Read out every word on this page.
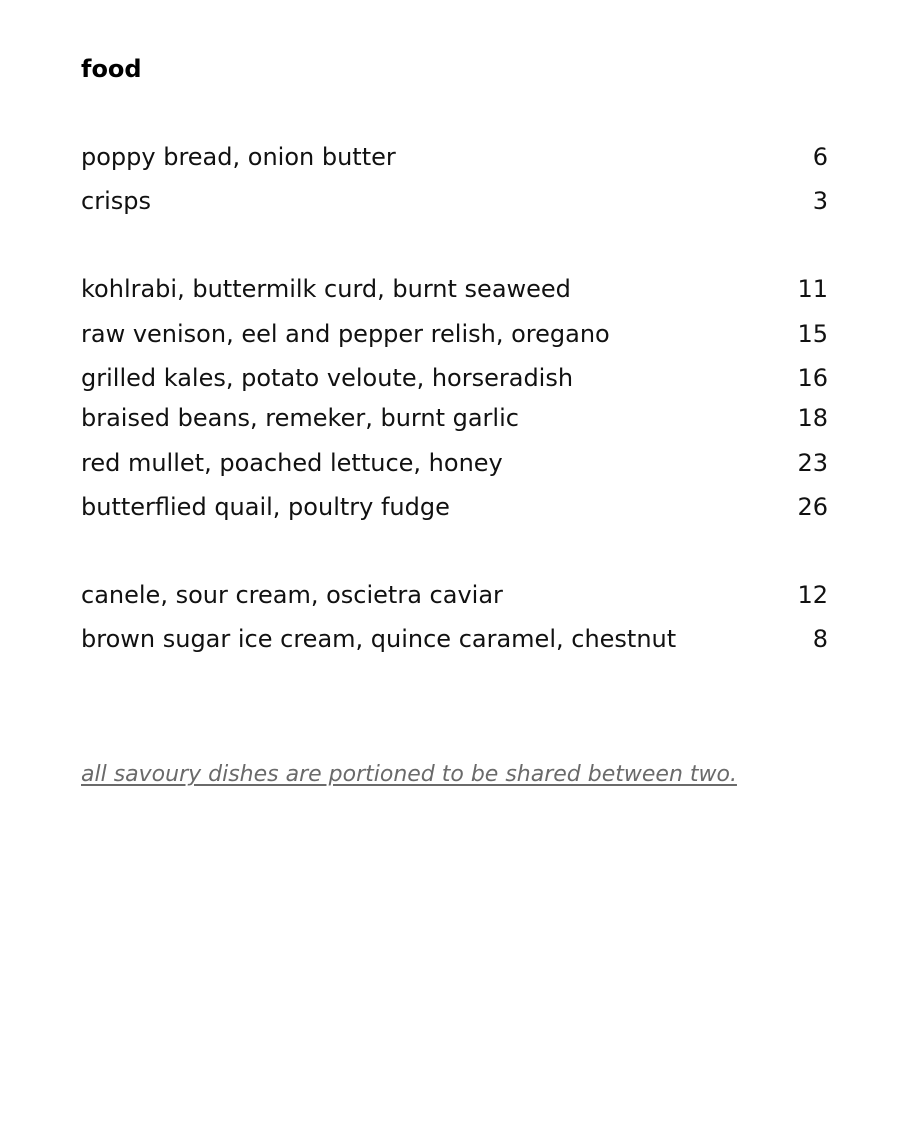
food
poppy bread, onion butter	6
crisps	3
kohlrabi, buttermilk curd, burnt seaweed	11
raw venison, eel and pepper relish, oregano	15
grilled kales, potato veloute, horseradish	16
braised beans, remeker, burnt garlic	18
red mullet, poached lettuce, honey	23
butterflied quail, poultry fudge	26
canele, sour cream, oscietra caviar	12
brown sugar ice cream, quince caramel, chestnut	8

all savoury dishes are portioned to be shared between two.
